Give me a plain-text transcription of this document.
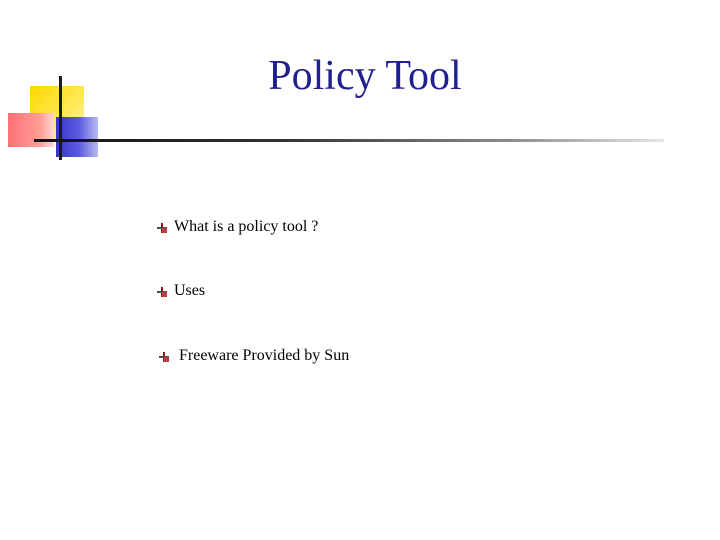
Policy Tool
What is a policy tool ?
Uses
Freeware Provided by Sun
